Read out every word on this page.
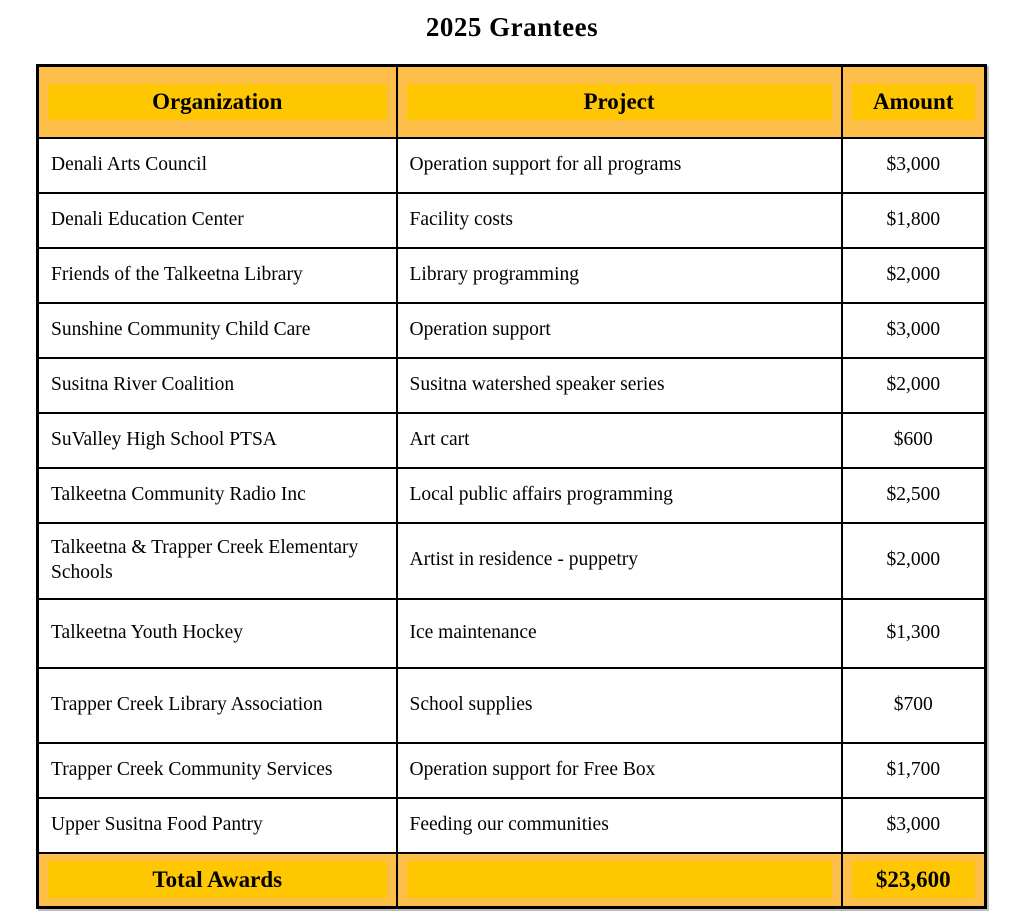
2025 Grantees
Organization	Project	Amount

Denali Arts Council	Operation support for all programs	$3,000

Denali Education Center	Facility costs	$1,800

Friends of the Talkeetna Library	Library programming	$2,000

Sunshine Community Child Care	Operation support	$3,000

Susitna River Coalition	Susitna watershed speaker series	$2,000

SuValley High School PTSA	Art cart	$600

Talkeetna Community Radio Inc	Local public affairs programming	$2,500

Talkeetna & Trapper Creek Elementary Schools	Artist in residence - puppetry	$2,000

Talkeetna Youth Hockey	Ice maintenance	$1,300

Trapper Creek Library Association	School supplies	$700

Trapper Creek Community Services	Operation support for Free Box	$1,700

Upper Susitna Food Pantry	Feeding our communities	$3,000

Total Awards		$23,600
